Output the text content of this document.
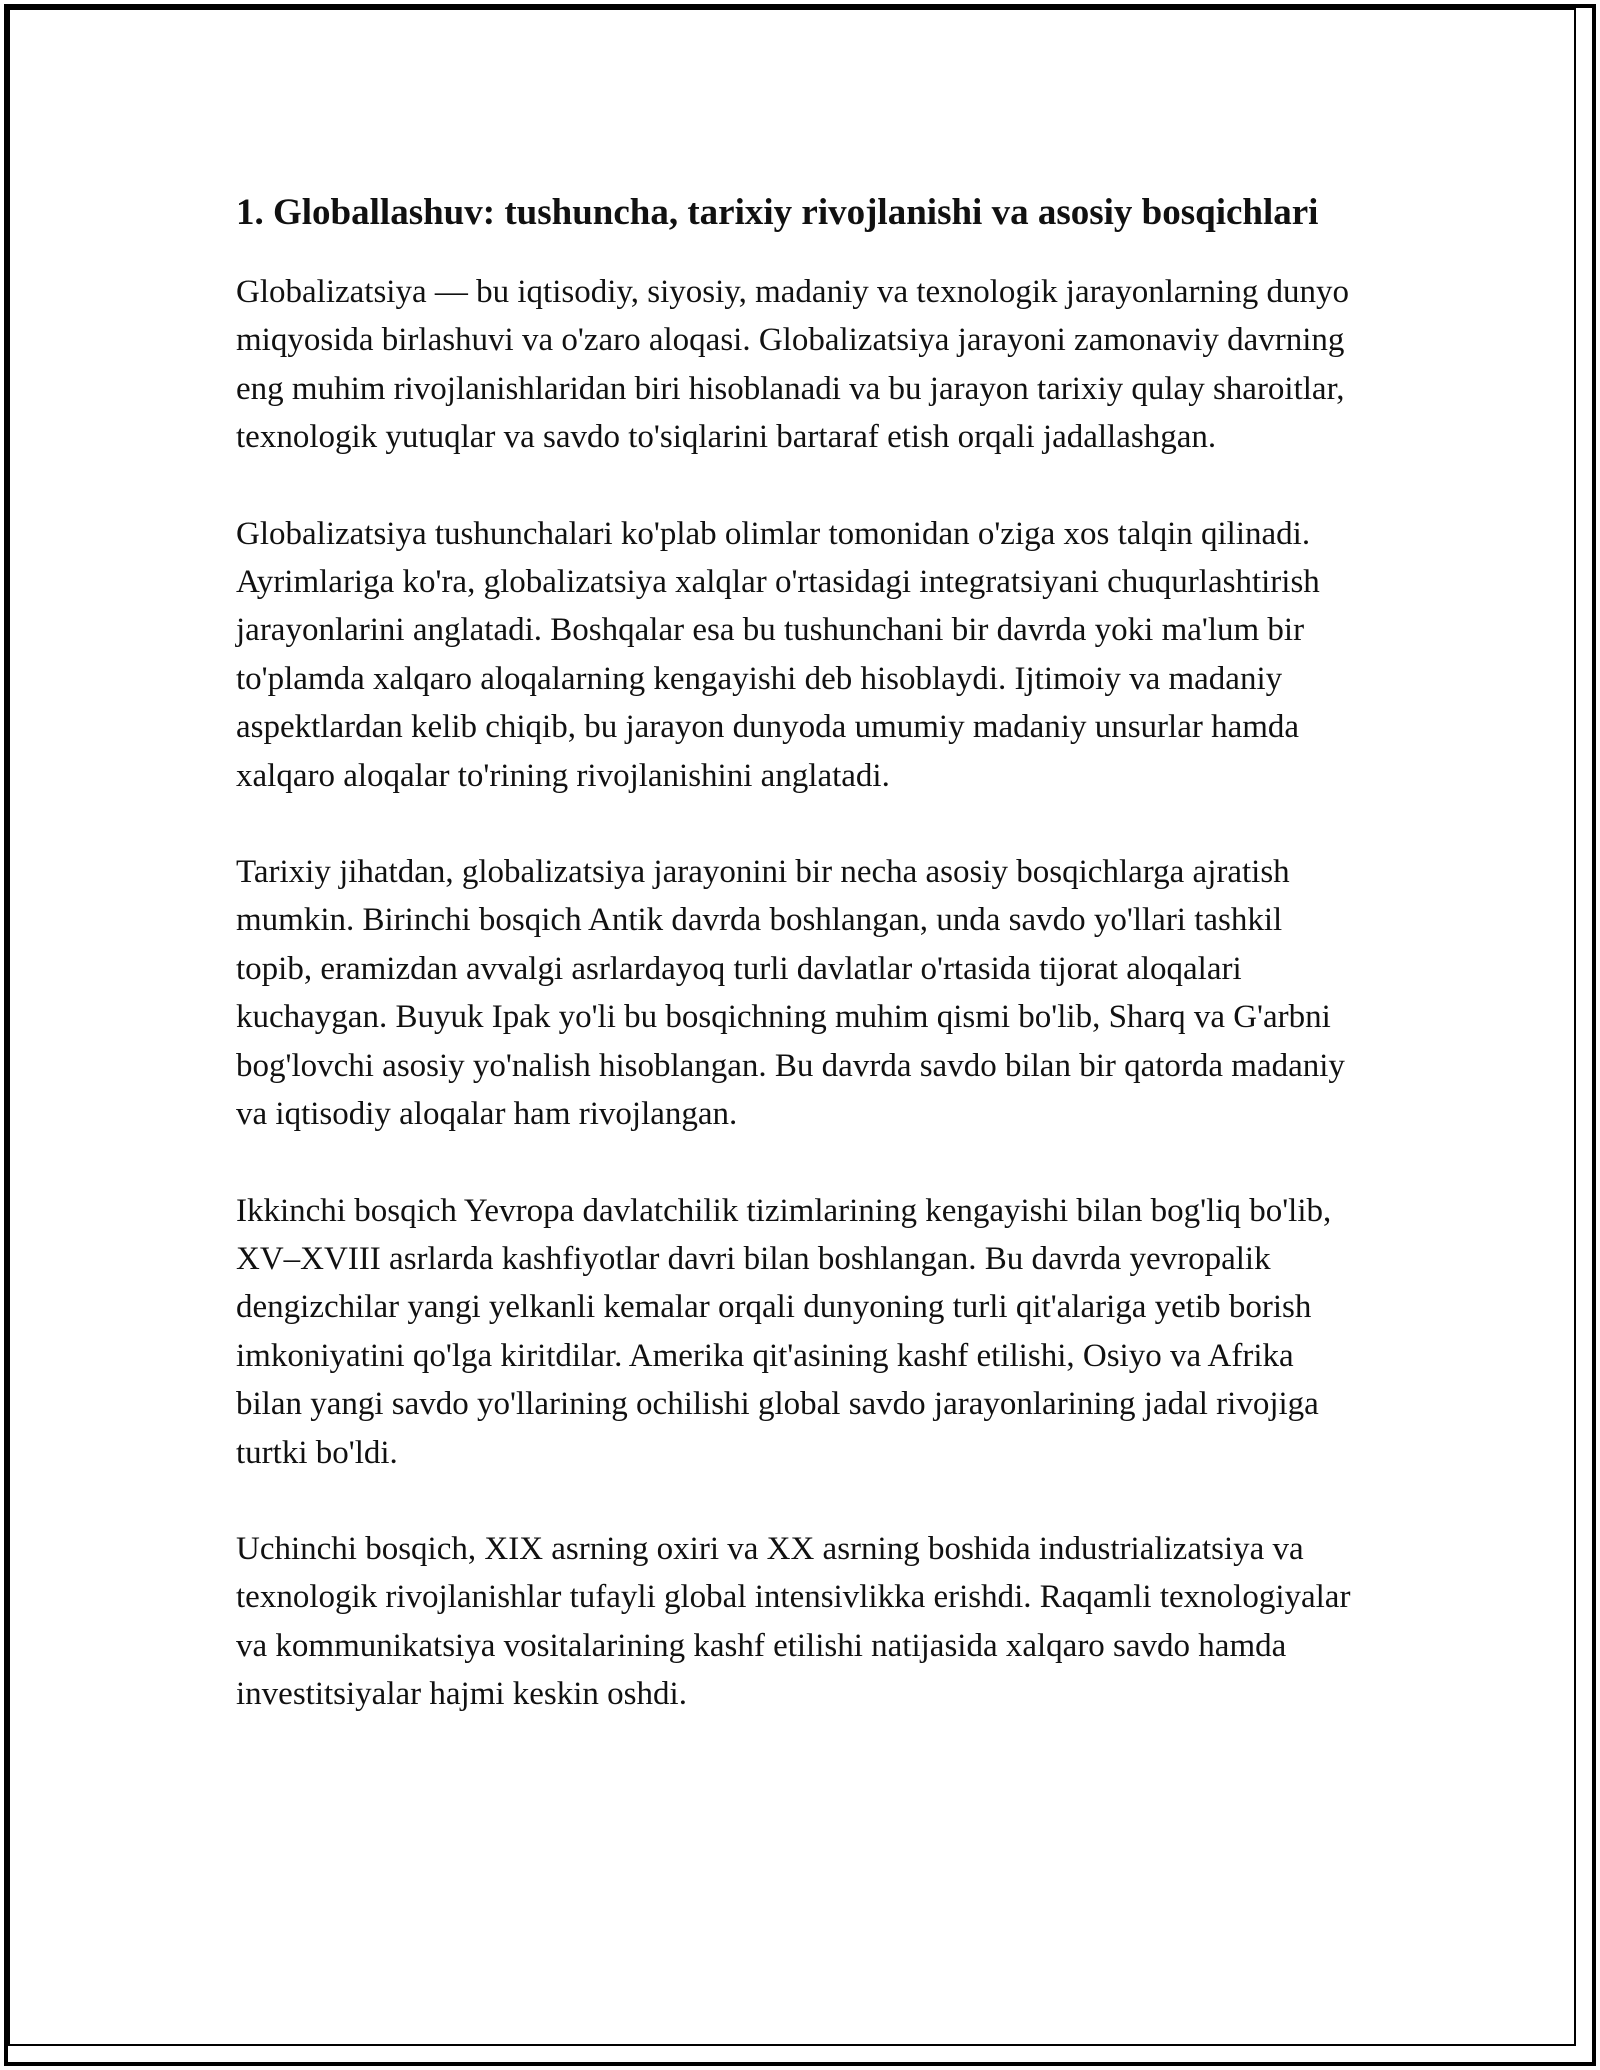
1. Globallashuv: tushuncha, tarixiy rivojlanishi va asosiy bosqichlari

Globalizatsiya — bu iqtisodiy, siyosiy, madaniy va texnologik jarayonlarning dunyo miqyosida birlashuvi va o'zaro aloqasi. Globalizatsiya jarayoni zamonaviy davrning eng muhim rivojlanishlaridan biri hisoblanadi va bu jarayon tarixiy qulay sharoitlar, texnologik yutuqlar va savdo to'siqlarini bartaraf etish orqali jadallashgan.

Globalizatsiya tushunchalari ko'plab olimlar tomonidan o'ziga xos talqin qilinadi. Ayrimlariga ko'ra, globalizatsiya xalqlar o'rtasidagi integratsiyani chuqurlashtirish jarayonlarini anglatadi. Boshqalar esa bu tushunchani bir davrda yoki ma'lum bir to'plamda xalqaro aloqalarning kengayishi deb hisoblaydi. Ijtimoiy va madaniy aspektlardan kelib chiqib, bu jarayon dunyoda umumiy madaniy unsurlar hamda xalqaro aloqalar to'rining rivojlanishini anglatadi.

Tarixiy jihatdan, globalizatsiya jarayonini bir necha asosiy bosqichlarga ajratish mumkin. Birinchi bosqich Antik davrda boshlangan, unda savdo yo'llari tashkil topib, eramizdan avvalgi asrlardayoq turli davlatlar o'rtasida tijorat aloqalari kuchaygan. Buyuk Ipak yo'li bu bosqichning muhim qismi bo'lib, Sharq va G'arbni bog'lovchi asosiy yo'nalish hisoblangan. Bu davrda savdo bilan bir qatorda madaniy va iqtisodiy aloqalar ham rivojlangan.

Ikkinchi bosqich Yevropa davlatchilik tizimlarining kengayishi bilan bog'liq bo'lib, XV–XVIII asrlarda kashfiyotlar davri bilan boshlangan. Bu davrda yevropalik dengizchilar yangi yelkanli kemalar orqali dunyoning turli qit'alariga yetib borish imkoniyatini qo'lga kiritdilar. Amerika qit'asining kashf etilishi, Osiyo va Afrika bilan yangi savdo yo'llarining ochilishi global savdo jarayonlarining jadal rivojiga turtki bo'ldi.

Uchinchi bosqich, XIX asrning oxiri va XX asrning boshida industrializatsiya va texnologik rivojlanishlar tufayli global intensivlikka erishdi. Raqamli texnologiyalar va kommunikatsiya vositalarining kashf etilishi natijasida xalqaro savdo hamda investitsiyalar hajmi keskin oshdi.
